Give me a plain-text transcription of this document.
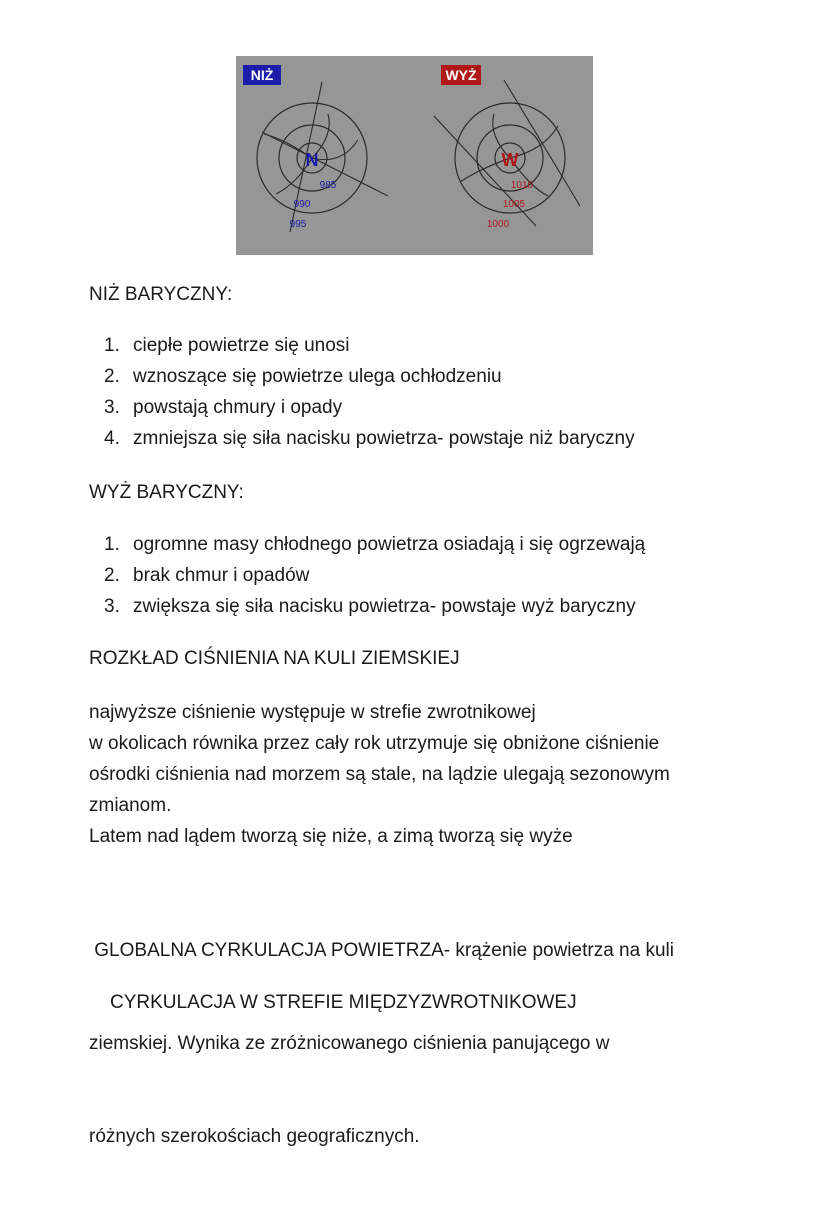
NIŻ
N
985
990
995
WYŻ
W
1010
1005
1000
NIŻ BARYCZNY:
1. ciepłe powietrze się unosi
2. wznoszące się powietrze ulega ochłodzeniu
3. powstają chmury i opady
4. zmniejsza się siła nacisku powietrza- powstaje niż baryczny
WYŻ BARYCZNY:
1. ogromne masy chłodnego powietrza osiadają i się ogrzewają
2. brak chmur i opadów
3. zwiększa się siła nacisku powietrza- powstaje wyż baryczny
ROZKŁAD CIŚNIENIA NA KULI ZIEMSKIEJ
najwyższe ciśnienie występuje w strefie zwrotnikowej
w okolicach równika przez cały rok utrzymuje się obniżone ciśnienie
ośrodki ciśnienia nad morzem są stale, na lądzie ulegają sezonowym
zmianom.
Latem nad lądem tworzą się niże, a zimą tworzą się wyże

GLOBALNA CYRKULACJA POWIETRZA- krążenie powietrza na kuli

ziemskiej. Wynika ze zróżnicowanego ciśnienia panującego w

różnych szerokościach geograficznych.

CYRKULACJA W STREFIE MIĘDZYZWROTNIKOWEJ
